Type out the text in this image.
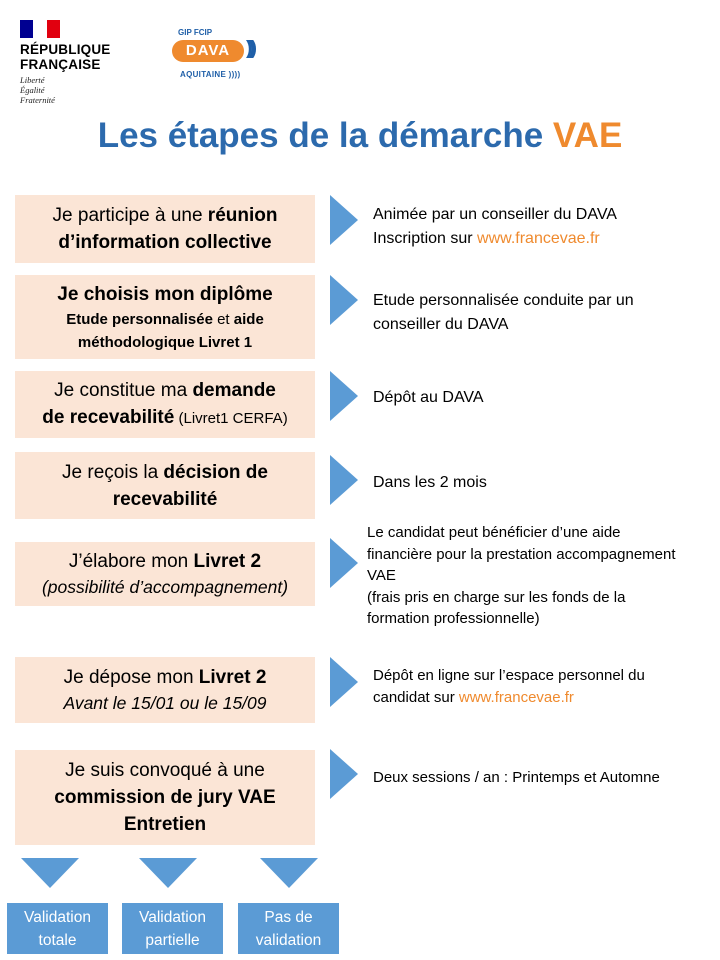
RÉPUBLIQUE
FRANÇAISE
Liberté
Égalité
Fraternité
GIP FCIP
DAVA )))
AQUITAINE ))))
Les étapes de la démarche VAE
Je participe à une réunion
d’information collective
Animée par un conseiller du DAVA
Inscription sur www.francevae.fr
Je choisis mon diplôme
Etude personnalisée et aide
méthodologique Livret 1
Etude personnalisée conduite par un conseiller du DAVA
Je constitue ma demande
de recevabilité (Livret1 CERFA)
Dépôt au DAVA
Je reçois la décision de
recevabilité
Dans les 2 mois
J’élabore mon Livret 2
(possibilité d’accompagnement)
Le candidat peut bénéficier d’une aide financière pour la prestation accompagnement VAE
(frais pris en charge sur les fonds de la formation professionnelle)
Je dépose mon Livret 2
Avant le 15/01 ou le 15/09
Dépôt en ligne sur l’espace personnel du candidat sur www.francevae.fr
Je suis convoqué à une
commission de jury VAE
Entretien
Deux sessions / an : Printemps et Automne
Validation totale
Validation partielle
Pas de validation
